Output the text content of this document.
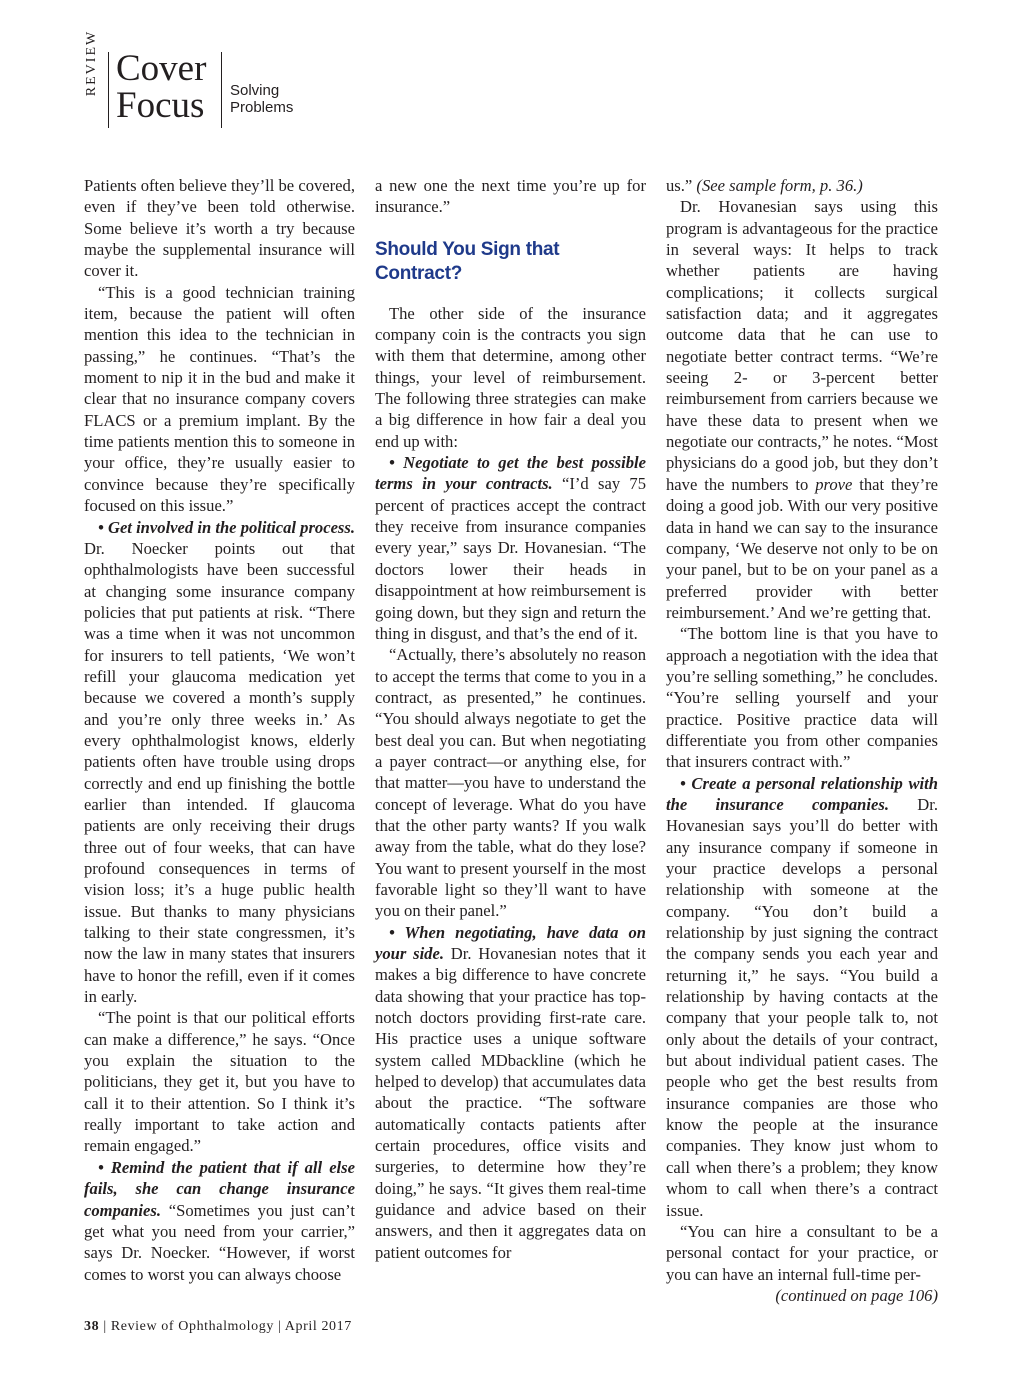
REVIEW Cover
Focus Solving Problems

Patients often believe they’ll be covered, even if they’ve been told otherwise. Some believe it’s worth a try because maybe the supplemental insurance will cover it.

“This is a good technician training item, because the patient will often mention this idea to the technician in passing,” he continues. “That’s the moment to nip it in the bud and make it clear that no insurance company covers FLACS or a premium implant. By the time patients mention this to someone in your office, they’re usually easier to convince because they’re specifically focused on this issue.”

• Get involved in the political process. Dr. Noecker points out that ophthalmologists have been successful at changing some insurance company policies that put patients at risk. “There was a time when it was not uncommon for insurers to tell patients, ‘We won’t refill your glaucoma medication yet because we covered a month’s supply and you’re only three weeks in.’ As every ophthalmologist knows, elderly patients often have trouble using drops correctly and end up finishing the bottle earlier than intended. If glaucoma patients are only receiving their drugs three out of four weeks, that can have profound consequences in terms of vision loss; it’s a huge public health issue. But thanks to many physicians talking to their state congressmen, it’s now the law in many states that insurers have to honor the refill, even if it comes in early.

“The point is that our political efforts can make a difference,” he says. “Once you explain the situation to the politicians, they get it, but you have to call it to their attention. So I think it’s really important to take action and remain engaged.”

• Remind the patient that if all else fails, she can change insurance companies. “Sometimes you just can’t get what you need from your carrier,” says Dr. Noecker. “However, if worst comes to worst you can always choose

a new one the next time you’re up for insurance.”

Should You Sign that Contract?

The other side of the insurance company coin is the contracts you sign with them that determine, among other things, your level of reimbursement. The following three strategies can make a big difference in how fair a deal you end up with:

• Negotiate to get the best possible terms in your contracts. “I’d say 75 percent of practices accept the contract they receive from insurance companies every year,” says Dr. Hovanesian. “The doctors lower their heads in disappointment at how reimbursement is going down, but they sign and return the thing in disgust, and that’s the end of it.

“Actually, there’s absolutely no reason to accept the terms that come to you in a contract, as presented,” he continues. “You should always negotiate to get the best deal you can. But when negotiating a payer contract—or anything else, for that matter—you have to understand the concept of leverage. What do you have that the other party wants? If you walk away from the table, what do they lose? You want to present yourself in the most favorable light so they’ll want to have you on their panel.”

• When negotiating, have data on your side. Dr. Hovanesian notes that it makes a big difference to have concrete data showing that your practice has top-notch doctors providing first-rate care. His practice uses a unique software system called MDbackline (which he helped to develop) that accumulates data about the practice. “The software automatically contacts patients after certain procedures, office visits and surgeries, to determine how they’re doing,” he says. “It gives them real-time guidance and advice based on their answers, and then it aggregates data on patient outcomes for

us.” (See sample form, p. 36.)

Dr. Hovanesian says using this program is advantageous for the practice in several ways: It helps to track whether patients are having complications; it collects surgical satisfaction data; and it aggregates outcome data that he can use to negotiate better contract terms. “We’re seeing 2- or 3-percent better reimbursement from carriers because we have these data to present when we negotiate our contracts,” he notes. “Most physicians do a good job, but they don’t have the numbers to prove that they’re doing a good job. With our very positive data in hand we can say to the insurance company, ‘We deserve not only to be on your panel, but to be on your panel as a preferred provider with better reimbursement.’ And we’re getting that.

“The bottom line is that you have to approach a negotiation with the idea that you’re selling something,” he concludes. “You’re selling yourself and your practice. Positive practice data will differentiate you from other companies that insurers contract with.”

• Create a personal relationship with the insurance companies. Dr. Hovanesian says you’ll do better with any insurance company if someone in your practice develops a personal relationship with someone at the company. “You don’t build a relationship by just signing the contract the company sends you each year and returning it,” he says. “You build a relationship by having contacts at the company that your people talk to, not only about the details of your contract, but about individual patient cases. The people who get the best results from insurance companies are those who know the people at the insurance companies. They know just whom to call when there’s a problem; they know whom to call when there’s a contract issue.

“You can hire a consultant to be a personal contact for your practice, or you can have an internal full-time per-

(continued on page 106)

38 | Review of Ophthalmology | April 2017
